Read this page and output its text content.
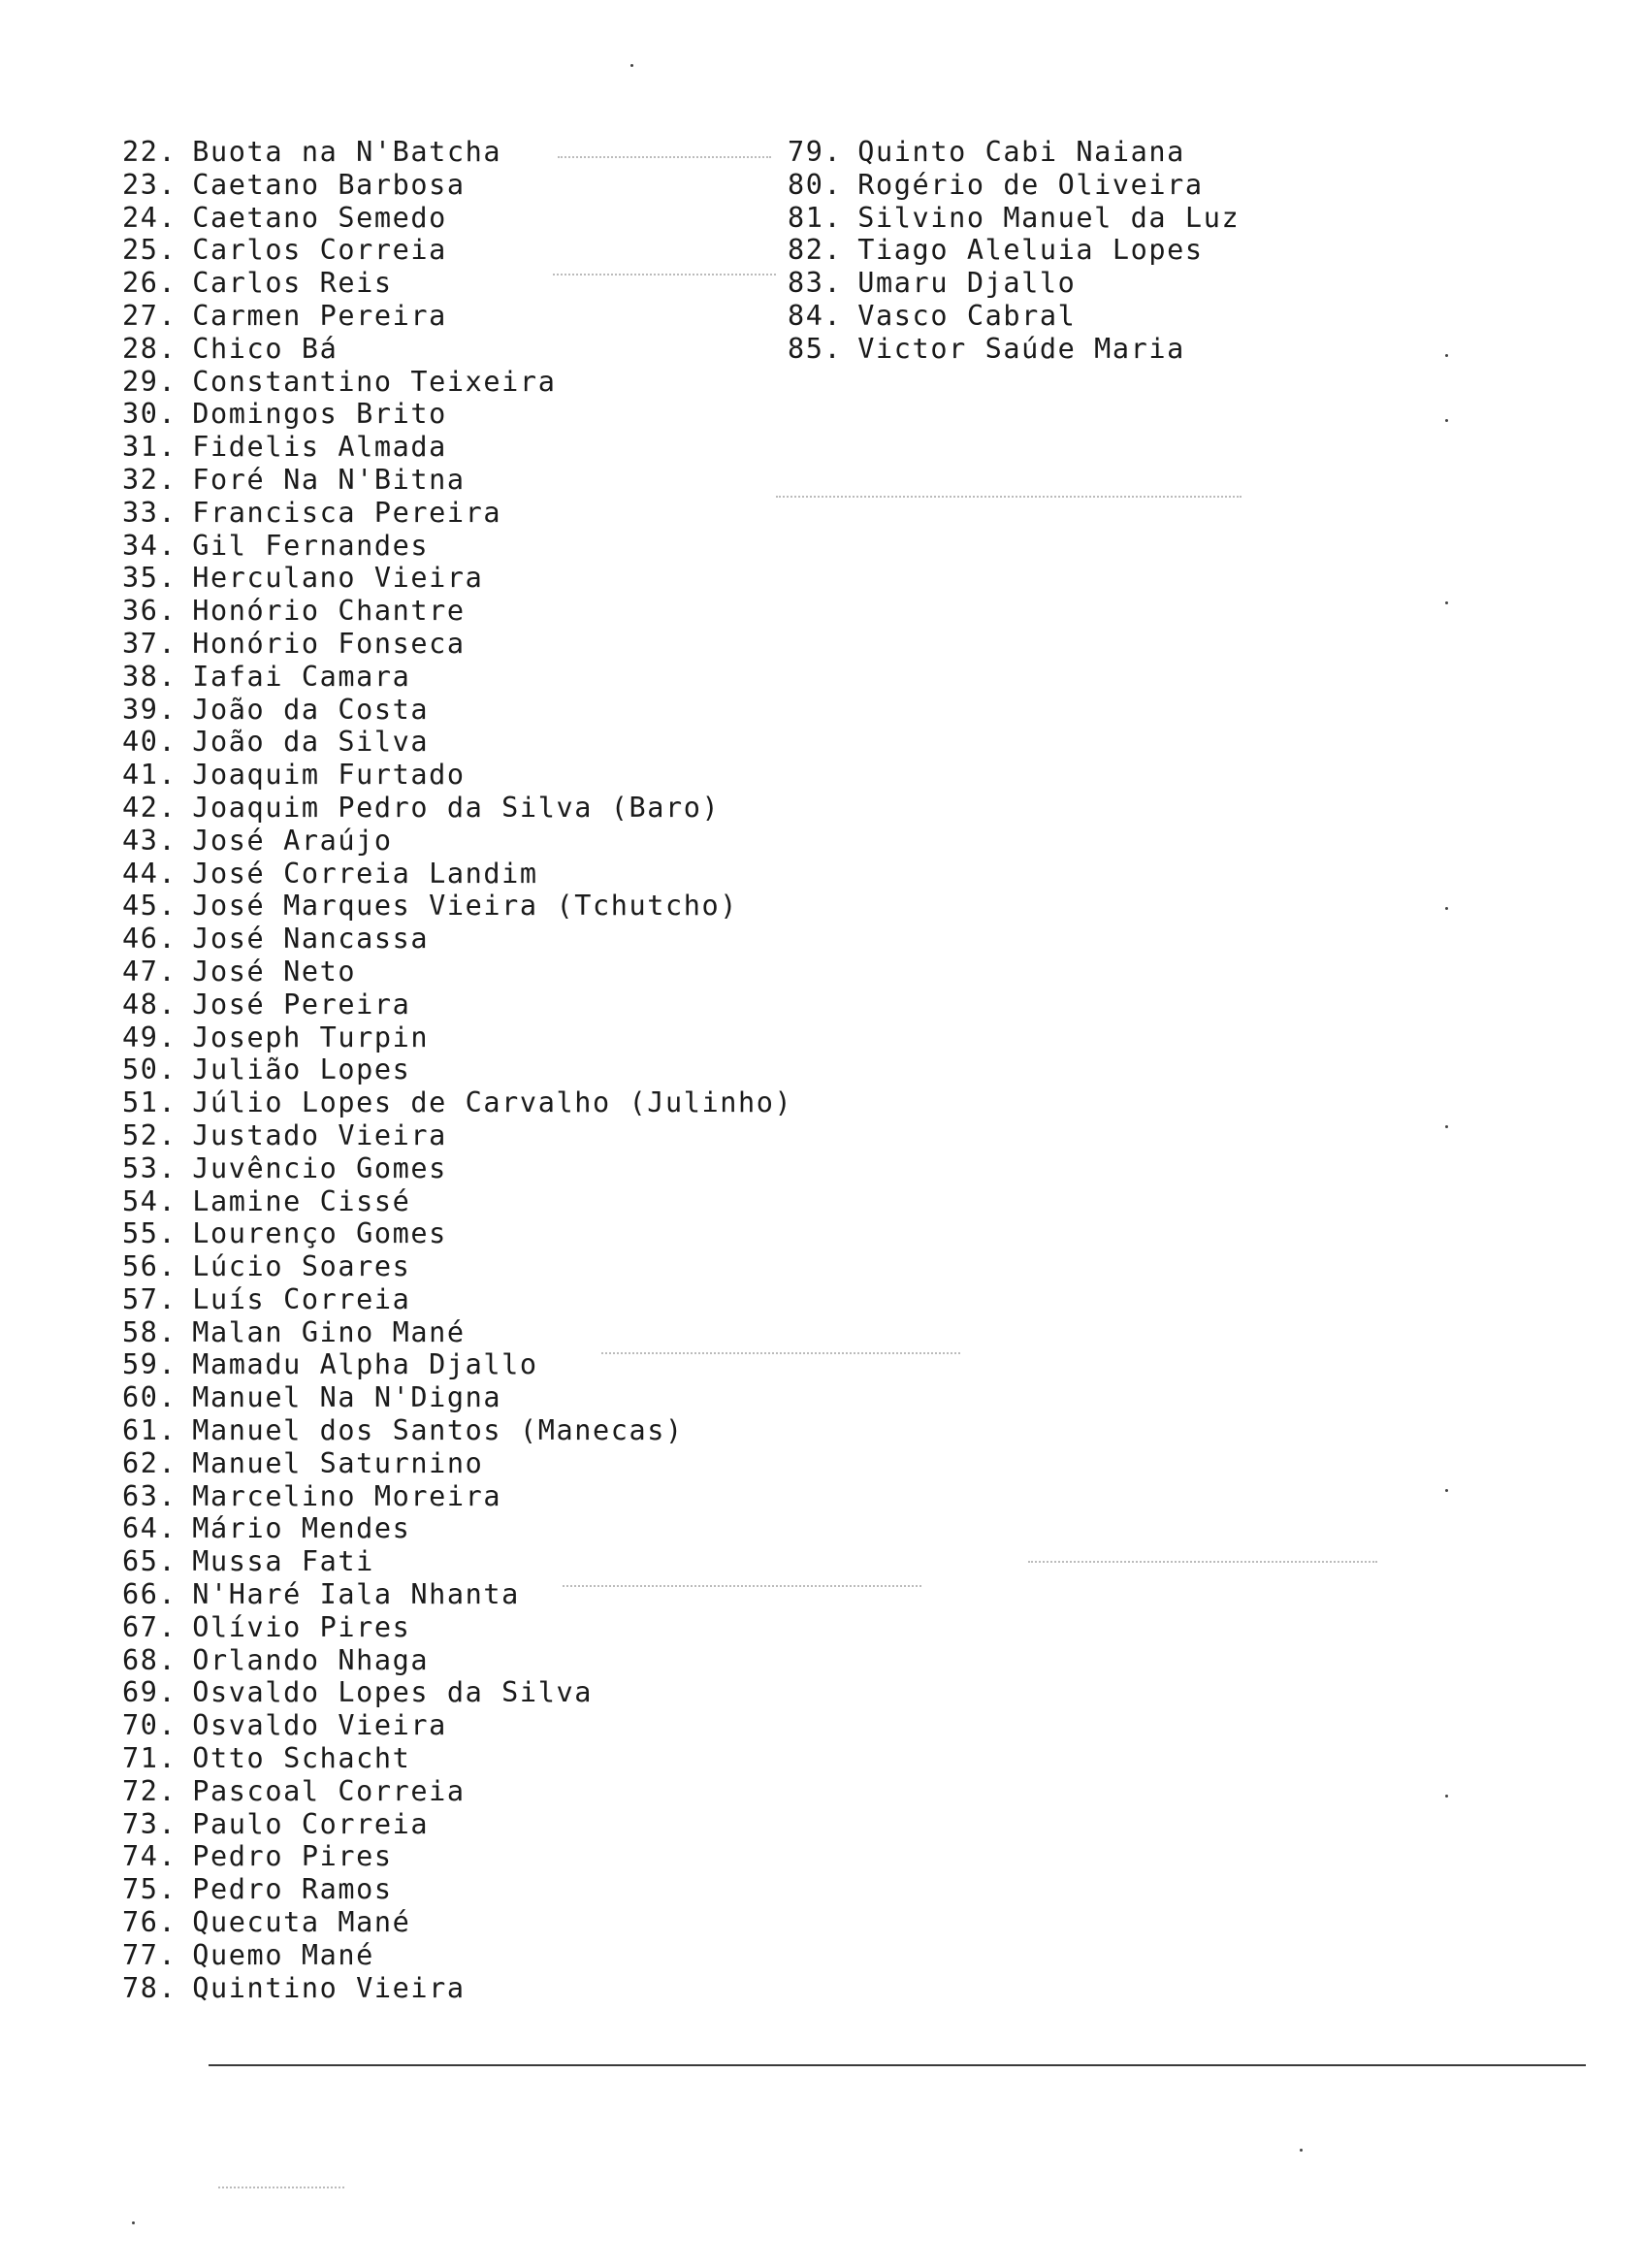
22. Buota na N'Batcha
23. Caetano Barbosa
24. Caetano Semedo
25. Carlos Correia
26. Carlos Reis
27. Carmen Pereira
28. Chico Bá
29. Constantino Teixeira
30. Domingos Brito
31. Fidelis Almada
32. Foré Na N'Bitna
33. Francisca Pereira
34. Gil Fernandes
35. Herculano Vieira
36. Honório Chantre
37. Honório Fonseca
38. Iafai Camara
39. João da Costa
40. João da Silva
41. Joaquim Furtado
42. Joaquim Pedro da Silva (Baro)
43. José Araújo
44. José Correia Landim
45. José Marques Vieira (Tchutcho)
46. José Nancassa
47. José Neto
48. José Pereira
49. Joseph Turpin
50. Julião Lopes
51. Júlio Lopes de Carvalho (Julinho)
52. Justado Vieira
53. Juvêncio Gomes
54. Lamine Cissé
55. Lourenço Gomes
56. Lúcio Soares
57. Luís Correia
58. Malan Gino Mané
59. Mamadu Alpha Djallo
60. Manuel Na N'Digna
61. Manuel dos Santos (Manecas)
62. Manuel Saturnino
63. Marcelino Moreira
64. Mário Mendes
65. Mussa Fati
66. N'Haré Iala Nhanta
67. Olívio Pires
68. Orlando Nhaga
69. Osvaldo Lopes da Silva
70. Osvaldo Vieira
71. Otto Schacht
72. Pascoal Correia
73. Paulo Correia
74. Pedro Pires
75. Pedro Ramos
76. Quecuta Mané
77. Quemo Mané
78. Quintino Vieira
79. Quinto Cabi Naiana
80. Rogério de Oliveira
81. Silvino Manuel da Luz
82. Tiago Aleluia Lopes
83. Umaru Djallo
84. Vasco Cabral
85. Victor Saúde Maria
